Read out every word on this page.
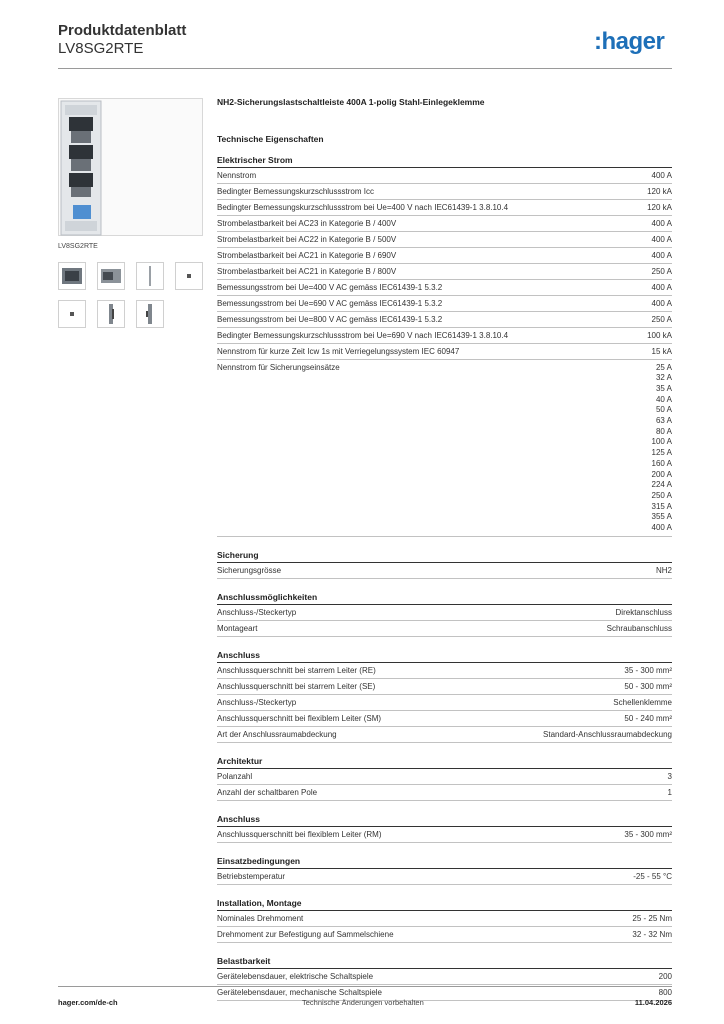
Produktdatenblatt
LV8SG2RTE	:hager
LV8SG2RTE
NH2-Sicherungslastschaltleiste 400A 1-polig Stahl-Einlegeklemme
Technische Eigenschaften
Elektrischer Strom
Nennstrom	400 A
Bedingter Bemessungskurzschlussstrom Icc	120 kA
Bedingter Bemessungskurzschlussstrom bei Ue=400 V nach IEC61439-1 3.8.10.4	120 kA
Strombelastbarkeit bei AC23 in Kategorie B / 400V	400 A
Strombelastbarkeit bei AC22 in Kategorie B / 500V	400 A
Strombelastbarkeit bei AC21 in Kategorie B / 690V	400 A
Strombelastbarkeit bei AC21 in Kategorie B / 800V	250 A
Bemessungsstrom bei Ue=400 V AC gemäss IEC61439-1 5.3.2	400 A
Bemessungsstrom bei Ue=690 V AC gemäss IEC61439-1 5.3.2	400 A
Bemessungsstrom bei Ue=800 V AC gemäss IEC61439-1 5.3.2	250 A
Bedingter Bemessungskurzschlussstrom bei Ue=690 V nach IEC61439-1 3.8.10.4	100 kA
Nennstrom für kurze Zeit Icw 1s mit Verriegelungssystem IEC 60947	15 kA
Nennstrom für Sicherungseinsätze	25 A
32 A
35 A
40 A
50 A
63 A
80 A
100 A
125 A
160 A
200 A
224 A
250 A
315 A
355 A
400 A
Sicherung
Sicherungsgrösse	NH2
Anschlussmöglichkeiten
Anschluss-/Steckertyp	Direktanschluss
Montageart	Schraubanschluss
Anschluss
Anschlussquerschnitt bei starrem Leiter (RE)	35 - 300 mm²
Anschlussquerschnitt bei starrem Leiter (SE)	50 - 300 mm²
Anschluss-/Steckertyp	Schellenklemme
Anschlussquerschnitt bei flexiblem Leiter (SM)	50 - 240 mm²
Art der Anschlussraumabdeckung	Standard-Anschlussraumabdeckung
Architektur
Polanzahl	3
Anzahl der schaltbaren Pole	1
Anschluss
Anschlussquerschnitt bei flexiblem Leiter (RM)	35 - 300 mm²
Einsatzbedingungen
Betriebstemperatur	-25 - 55 °C
Installation, Montage
Nominales Drehmoment	25 - 25 Nm
Drehmoment zur Befestigung auf Sammelschiene	32 - 32 Nm
Belastbarkeit
Gerätelebensdauer, elektrische Schaltspiele	200
Gerätelebensdauer, mechanische Schaltspiele	800
hager.com/de-ch	Technische Änderungen vorbehalten	11.04.2026
